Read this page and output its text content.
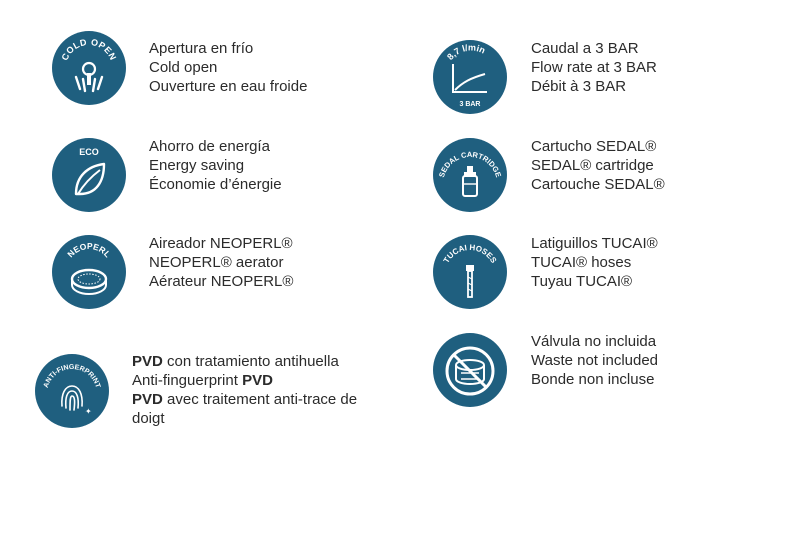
COLD OPEN Apertura en frío
Cold open
Ouverture en eau froide
ECO	Ahorro de energía
Energy saving
Économie d’énergie
NEOPERL
Aireador NEOPERL®
NEOPERL® aerator
Aérateur NEOPERL®
ANTI-FINGERPRINT
✦
PVD con tratamiento antihuella
Anti-finguerprint PVD
PVD avec traitement anti-trace de doigt
8,7 l/min
3 BAR
Caudal a 3 BAR
Flow rate at 3 BAR
Débit à 3 BAR
SEDAL CARTRIDGE
Cartucho SEDAL®
SEDAL® cartridge
Cartouche SEDAL®
TUCAI HOSES
Latiguillos TUCAI®
TUCAI® hoses
Tuyau TUCAI®
Válvula no incluida
Waste not included
Bonde non incluse
